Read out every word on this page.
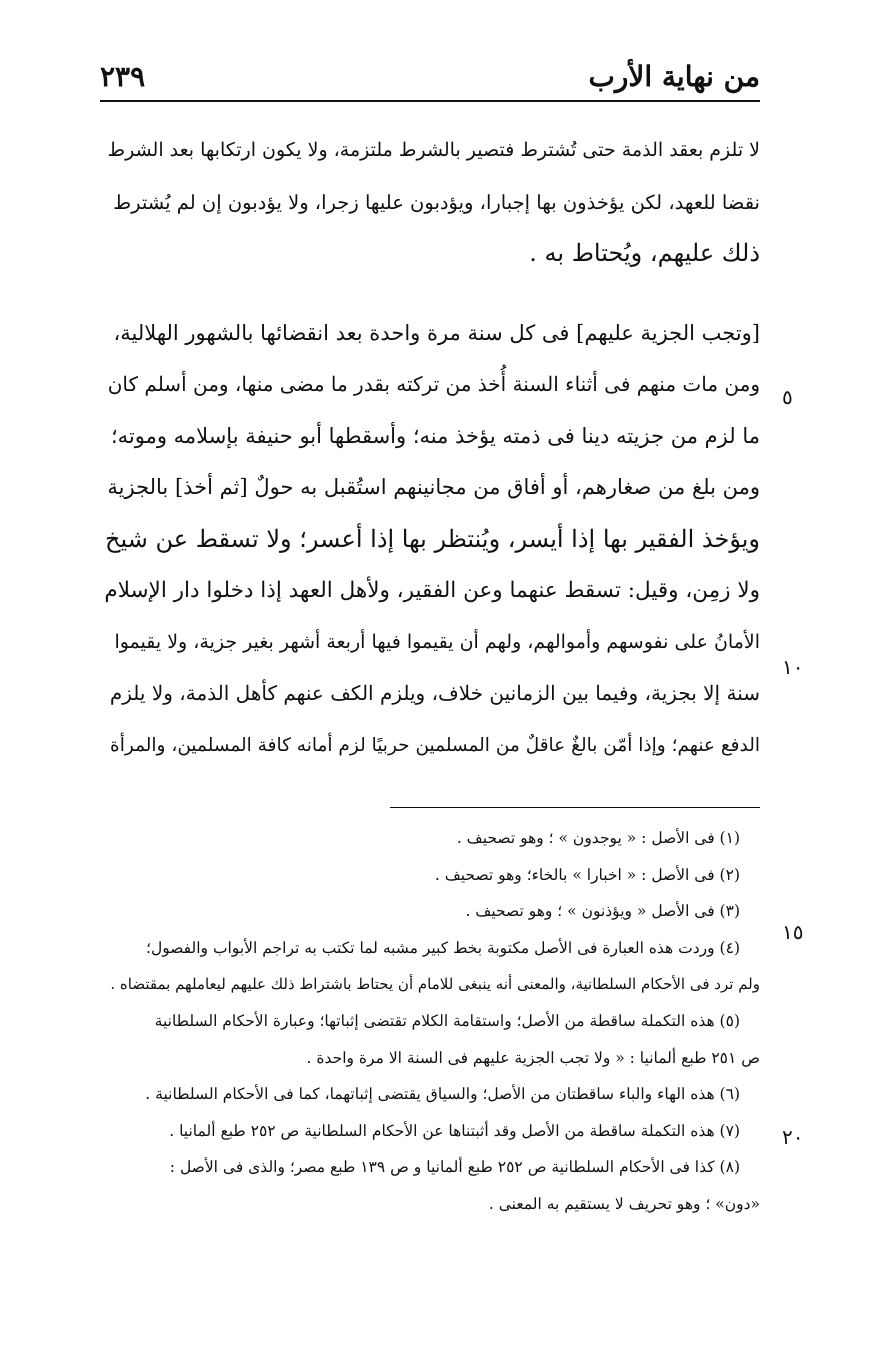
٢٣٩	من نهاية الأرب

لا تلزم بعقد الذمة حتى تُشترط فتصير بالشرط ملتزمة، ولا يكون ارتكابها بعد الشرط

نقضا للعهد، لكن يؤخذون بها إجبارا، ويؤدبون عليها زجرا، ولا يؤدبون إن لم يُشترط

ذلك عليهم، ويُحتاط به .

[وتجب الجزية عليهم] فى كل سنة مرة واحدة بعد انقضائها بالشهور الهلالية،

ومن مات منهم فى أثناء السنة أُخذ من تركته بقدر ما مضى منها، ومن أسلم كان

ما لزم من جزيته دينا فى ذمته يؤخذ منه؛ وأسقطها أبو حنيفة بإسلامه وموته؛

ومن بلغ من صغارهم، أو أفاق من مجانينهم استُقبل به حولٌ [ثم أخذ] بالجزية

ويؤخذ الفقير بها إذا أيسر، ويُنتظر بها إذا أعسر؛ ولا تسقط عن شيخ

ولا زمِن، وقيل: تسقط عنهما وعن الفقير، ولأهل العهد إذا دخلوا دار الإسلام

الأمانُ على نفوسهم وأموالهم، ولهم أن يقيموا فيها أربعة أشهر بغير جزية، ولا يقيموا

سنة إلا بجزية، وفيما بين الزمانين خلاف، ويلزم الكف عنهم كأهل الذمة، ولا يلزم

الدفع عنهم؛ وإذا أمّن بالغٌ عاقلٌ من المسلمين حربيًا لزم أمانه كافة المسلمين، والمرأة

٥
١٠
١٥
٢٠

(١) فى الأصل : « يوجدون » ؛ وهو تصحيف .

(٢) فى الأصل : « اخبارا » بالخاء؛ وهو تصحيف .

(٣) فى الأصل « ويؤذنون » ؛ وهو تصحيف .

(٤) وردت هذه العبارة فى الأصل مكتوبة بخط كبير مشبه لما تكتب به تراجم الأبواب والفصول؛

ولم ترد فى الأحكام السلطانية، والمعنى أنه ينبغى للامام أن يحتاط باشتراط ذلك عليهم ليعاملهم بمقتضاه .

(٥) هذه التكملة ساقطة من الأصل؛ واستقامة الكلام تقتضى إثباتها؛ وعبارة الأحكام السلطانية

ص ٢٥١ طبع ألمانيا : « ولا تجب الجزية عليهم فى السنة الا مرة واحدة .

(٦) هذه الهاء والباء ساقطتان من الأصل؛ والسياق يقتضى إثباتهما، كما فى الأحكام السلطانية .

(٧) هذه التكملة ساقطة من الأصل وقد أثبتناها عن الأحكام السلطانية ص ٢٥٢ طبع ألمانيا .

(٨) كذا فى الأحكام السلطانية ص ٢٥٢ طبع ألمانيا و ص ١٣٩ طبع مصر؛ والذى فى الأصل :

«دون» ؛ وهو تحريف لا يستقيم به المعنى .
